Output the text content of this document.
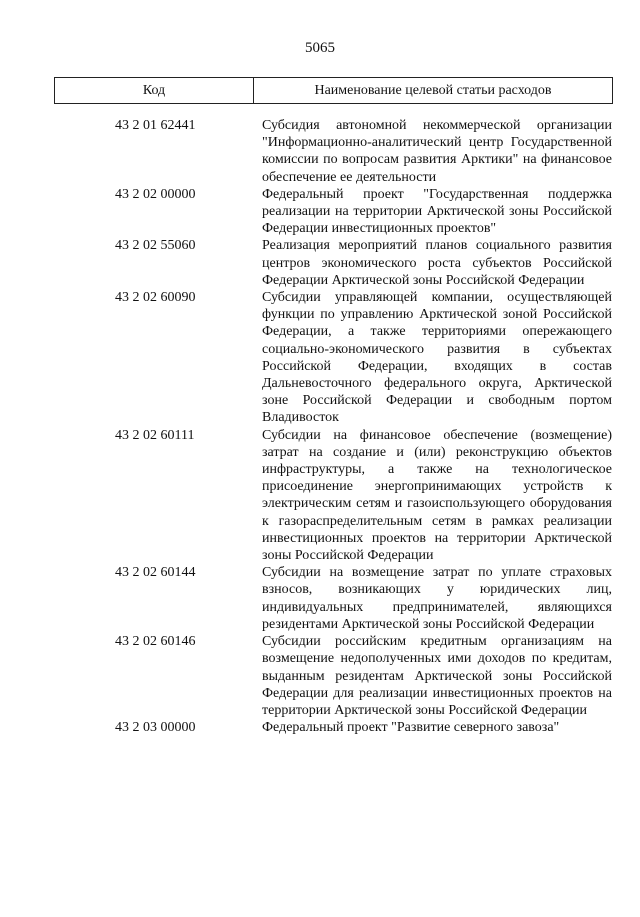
5065
Код	Наименование целевой статьи расходов
43 2 01 62441	Субсидия автономной некоммерческой организации "Информационно-аналитический центр Государственной комиссии по вопросам развития Арктики" на финансовое обеспечение ее деятельности
43 2 02 00000	Федеральный проект "Государственная поддержка реализации на территории Арктической зоны Российской Федерации инвестиционных проектов"
43 2 02 55060	Реализация мероприятий планов социального развития центров экономического роста субъектов Российской Федерации Арктической зоны Российской Федерации
43 2 02 60090	Субсидии управляющей компании, осуществляющей функции по управлению Арктической зоной Российской Федерации, а также территориями опережающего социально-экономического развития в субъектах Российской Федерации, входящих в состав Дальневосточного федерального округа, Арктической зоне Российской Федерации и свободным портом Владивосток
43 2 02 60111	Субсидии на финансовое обеспечение (возмещение) затрат на создание и (или) реконструкцию объектов инфраструктуры, а также на технологическое присоединение энергопринимающих устройств к электрическим сетям и газоиспользующего оборудования к газораспределительным сетям в рамках реализации инвестиционных проектов на территории Арктической зоны Российской Федерации
43 2 02 60144	Субсидии на возмещение затрат по уплате страховых взносов, возникающих у юридических лиц, индивидуальных предпринимателей, являющихся резидентами Арктической зоны Российской Федерации
43 2 02 60146	Субсидии российским кредитным организациям на возмещение недополученных ими доходов по кредитам, выданным резидентам Арктической зоны Российской Федерации для реализации инвестиционных проектов на территории Арктической зоны Российской Федерации
43 2 03 00000	Федеральный проект "Развитие северного завоза"
